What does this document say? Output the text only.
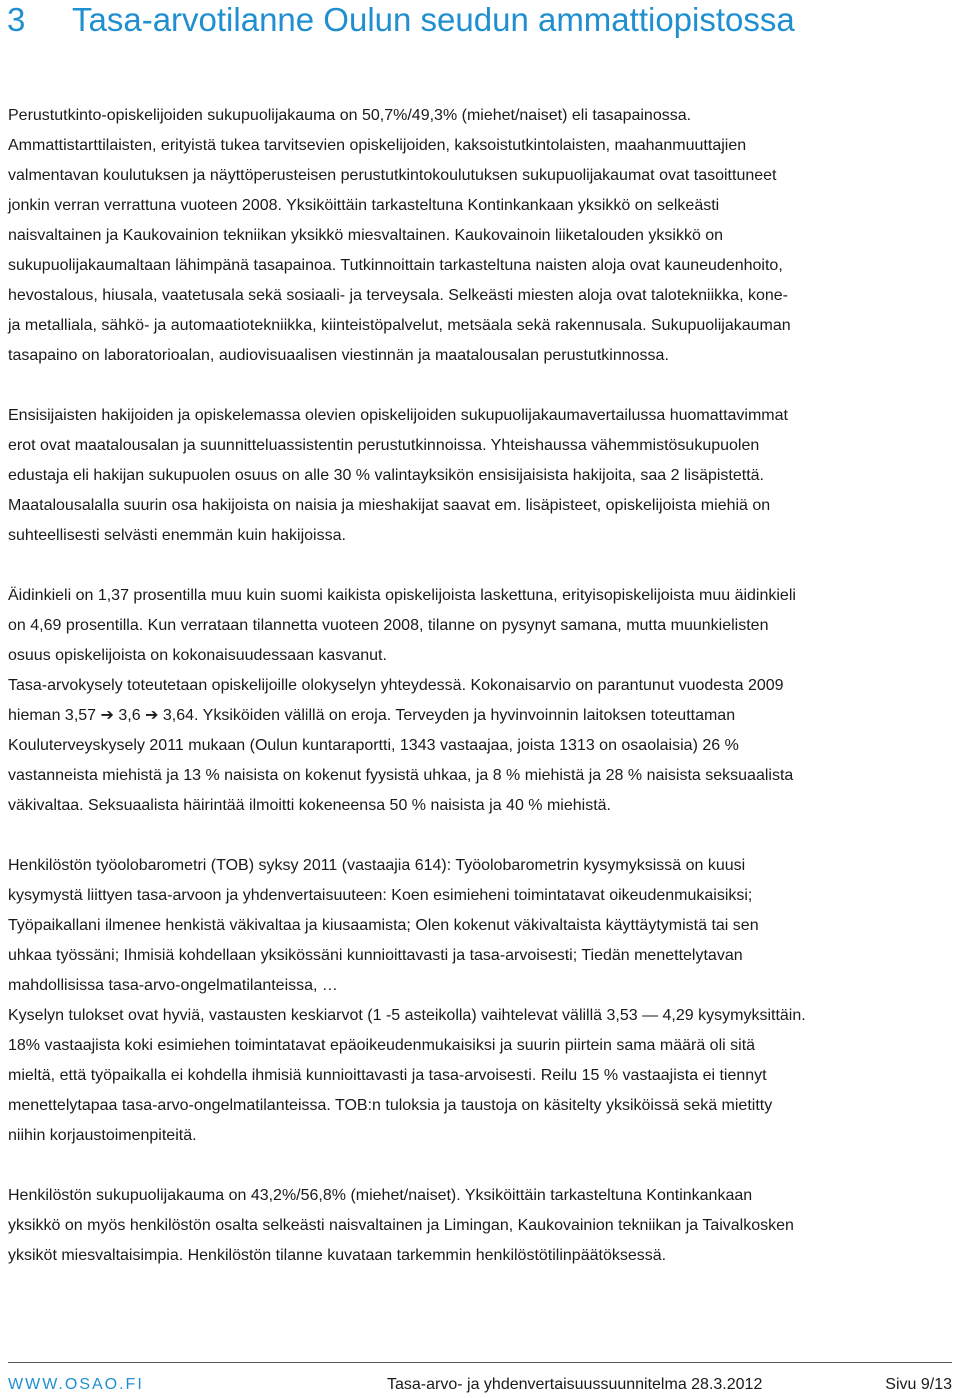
3 Tasa-arvotilanne Oulun seudun ammattiopistossa

Perustutkinto-opiskelijoiden sukupuolijakauma on 50,7%/49,3% (miehet/naiset) eli tasapainossa.

Ammattistarttilaisten, erityistä tukea tarvitsevien opiskelijoiden, kaksoistutkintolaisten, maahanmuuttajien

valmentavan koulutuksen ja näyttöperusteisen perustutkintokoulutuksen sukupuolijakaumat ovat tasoittuneet

jonkin verran verrattuna vuoteen 2008. Yksiköittäin tarkasteltuna Kontinkankaan yksikkö on selkeästi

naisvaltainen ja Kaukovainion tekniikan yksikkö miesvaltainen. Kaukovainoin liiketalouden yksikkö on

sukupuolijakaumaltaan lähimpänä tasapainoa. Tutkinnoittain tarkasteltuna naisten aloja ovat kauneudenhoito,

hevostalous, hiusala, vaatetusala sekä sosiaali- ja terveysala. Selkeästi miesten aloja ovat talotekniikka, kone-

ja metalliala, sähkö- ja automaatiotekniikka, kiinteistöpalvelut, metsäala sekä rakennusala. Sukupuolijakauman

tasapaino on laboratorioalan, audiovisuaalisen viestinnän ja maatalousalan perustutkinnossa.

Ensisijaisten hakijoiden ja opiskelemassa olevien opiskelijoiden sukupuolijakaumavertailussa huomattavimmat

erot ovat maatalousalan ja suunnitteluassistentin perustutkinnoissa. Yhteishaussa vähemmistösukupuolen

edustaja eli hakijan sukupuolen osuus on alle 30 % valintayksikön ensisijaisista hakijoita, saa 2 lisäpistettä.

Maatalousalalla suurin osa hakijoista on naisia ja mieshakijat saavat em. lisäpisteet, opiskelijoista miehiä on

suhteellisesti selvästi enemmän kuin hakijoissa.

Äidinkieli on 1,37 prosentilla muu kuin suomi kaikista opiskelijoista laskettuna, erityisopiskelijoista muu äidinkieli

on 4,69 prosentilla. Kun verrataan tilannetta vuoteen 2008, tilanne on pysynyt samana, mutta muunkielisten

osuus opiskelijoista on kokonaisuudessaan kasvanut.

Tasa-arvokysely toteutetaan opiskelijoille olokyselyn yhteydessä. Kokonaisarvio on parantunut vuodesta 2009

hieman 3,57 ➔ 3,6 ➔ 3,64. Yksiköiden välillä on eroja. Terveyden ja hyvinvoinnin laitoksen toteuttaman

Kouluterveyskysely 2011 mukaan (Oulun kuntaraportti, 1343 vastaajaa, joista 1313 on osaolaisia) 26 %

vastanneista miehistä ja 13 % naisista on kokenut fyysistä uhkaa, ja 8 % miehistä ja 28 % naisista seksuaalista

väkivaltaa. Seksuaalista häirintää ilmoitti kokeneensa 50 % naisista ja 40 % miehistä.

Henkilöstön työolobarometri (TOB) syksy 2011 (vastaajia 614): Työolobarometrin kysymyksissä on kuusi

kysymystä liittyen tasa-arvoon ja yhdenvertaisuuteen: Koen esimieheni toimintatavat oikeudenmukaisiksi;

Työpaikallani ilmenee henkistä väkivaltaa ja kiusaamista; Olen kokenut väkivaltaista käyttäytymistä tai sen

uhkaa työssäni; Ihmisiä kohdellaan yksikössäni kunnioittavasti ja tasa-arvoisesti; Tiedän menettelytavan

mahdollisissa tasa-arvo-ongelmatilanteissa, …

Kyselyn tulokset ovat hyviä, vastausten keskiarvot (1 -5 asteikolla) vaihtelevat välillä 3,53 — 4,29 kysymyksittäin.

18% vastaajista koki esimiehen toimintatavat epäoikeudenmukaisiksi ja suurin piirtein sama määrä oli sitä

mieltä, että työpaikalla ei kohdella ihmisiä kunnioittavasti ja tasa-arvoisesti. Reilu 15 % vastaajista ei tiennyt

menettelytapaa tasa-arvo-ongelmatilanteissa. TOB:n tuloksia ja taustoja on käsitelty yksiköissä sekä mietitty

niihin korjaustoimenpiteitä.

Henkilöstön sukupuolijakauma on 43,2%/56,8% (miehet/naiset). Yksiköittäin tarkasteltuna Kontinkankaan

yksikkö on myös henkilöstön osalta selkeästi naisvaltainen ja Limingan, Kaukovainion tekniikan ja Taivalkosken

yksiköt miesvaltaisimpia. Henkilöstön tilanne kuvataan tarkemmin henkilöstötilinpäätöksessä.

WWW.OSAO.FI	Tasa-arvo- ja yhdenvertaisuussuunnitelma 28.3.2012	Sivu 9/13
